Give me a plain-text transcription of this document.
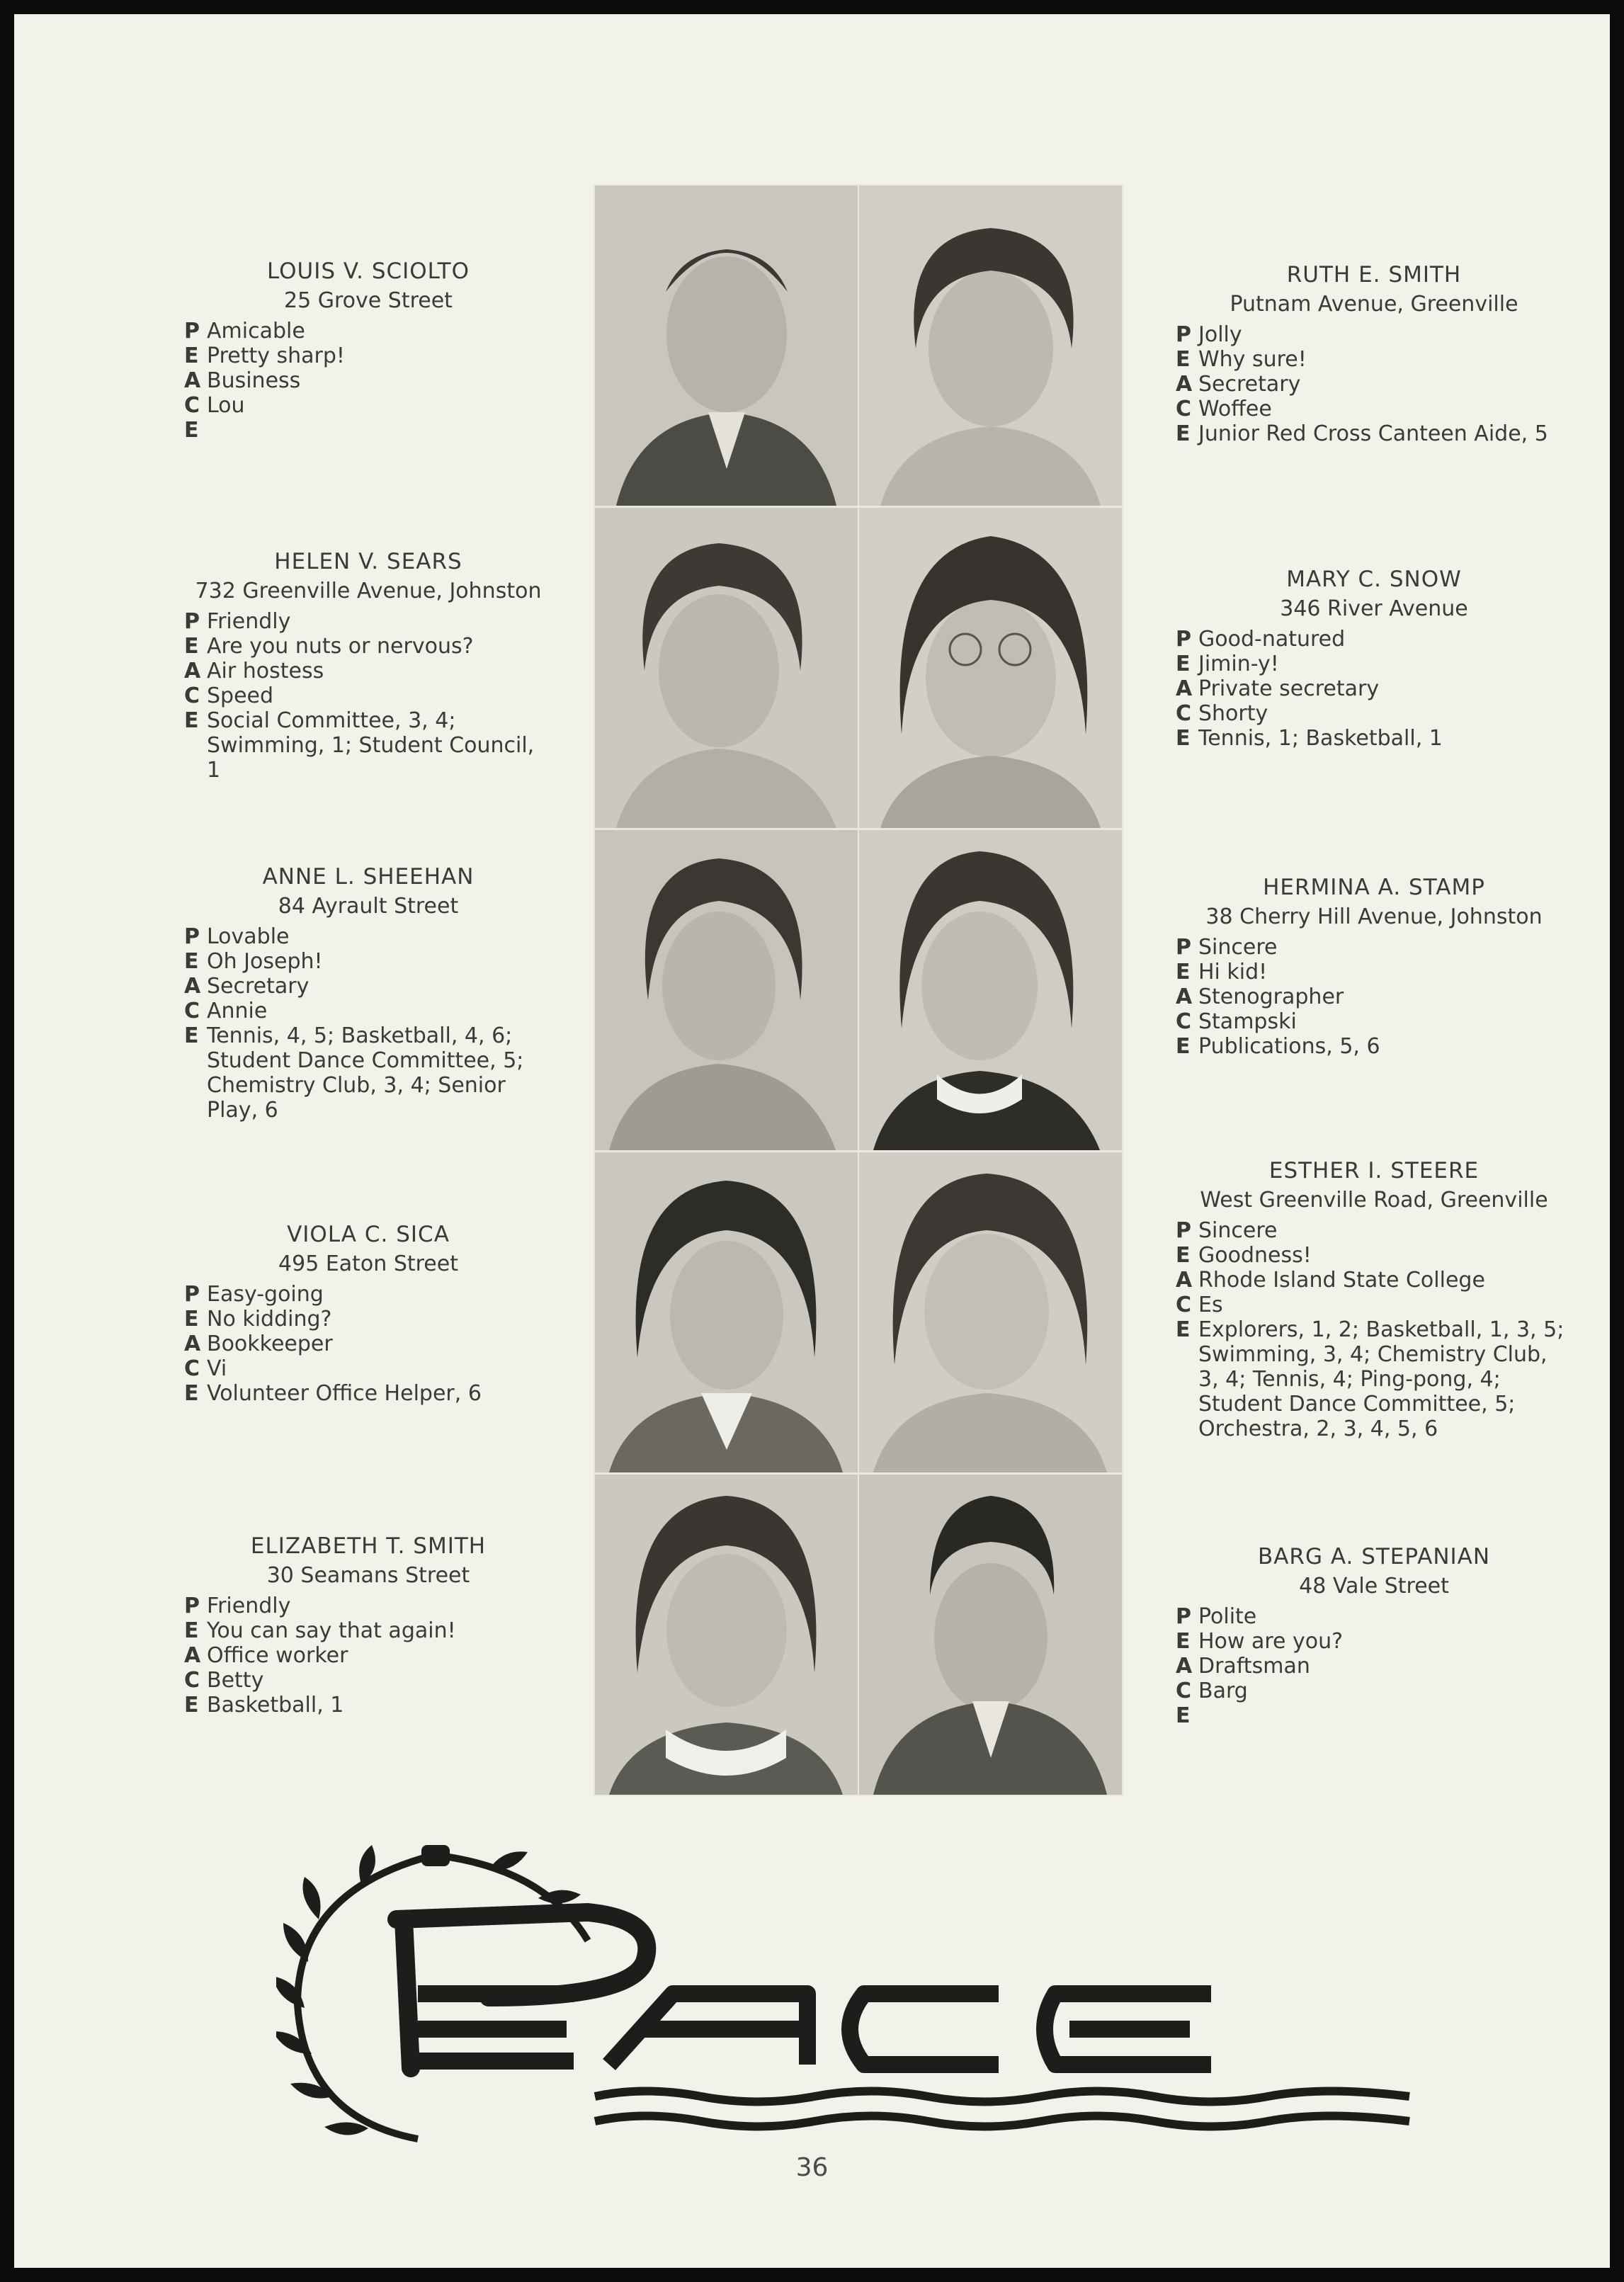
LOUIS V. SCIOLTO
25 Grove Street
P Amicable
E Pretty sharp!
A Business
C Lou
E
HELEN V. SEARS
732 Greenville Avenue, Johnston
P Friendly
E Are you nuts or nervous?
A Air hostess
C Speed
E Social Committee, 3, 4; Swimming, 1; Student Council, 1
ANNE L. SHEEHAN
84 Ayrault Street
P Lovable
E Oh Joseph!
A Secretary
C Annie
E Tennis, 4, 5; Basketball, 4, 6; Student Dance Committee, 5; Chemistry Club, 3, 4; Senior Play, 6
VIOLA C. SICA
495 Eaton Street
P Easy-going
E No kidding?
A Bookkeeper
C Vi
E Volunteer Office Helper, 6
ELIZABETH T. SMITH
30 Seamans Street
P Friendly
E You can say that again!
A Office worker
C Betty
E Basketball, 1
RUTH E. SMITH
Putnam Avenue, Greenville
P Jolly
E Why sure!
A Secretary
C Woffee
E Junior Red Cross Canteen Aide, 5
MARY C. SNOW
346 River Avenue
P Good-natured
E Jimin-y!
A Private secretary
C Shorty
E Tennis, 1; Basketball, 1
HERMINA A. STAMP
38 Cherry Hill Avenue, Johnston
P Sincere
E Hi kid!
A Stenographer
C Stampski
E Publications, 5, 6
ESTHER I. STEERE
West Greenville Road, Greenville
P Sincere
E Goodness!
A Rhode Island State College
C Es
E Explorers, 1, 2; Basketball, 1, 3, 5; Swimming, 3, 4; Chemistry Club, 3, 4; Tennis, 4; Ping-pong, 4; Student Dance Committee, 5; Orchestra, 2, 3, 4, 5, 6
BARG A. STEPANIAN
48 Vale Street
P Polite
E How are you?
A Draftsman
C Barg
E
36
